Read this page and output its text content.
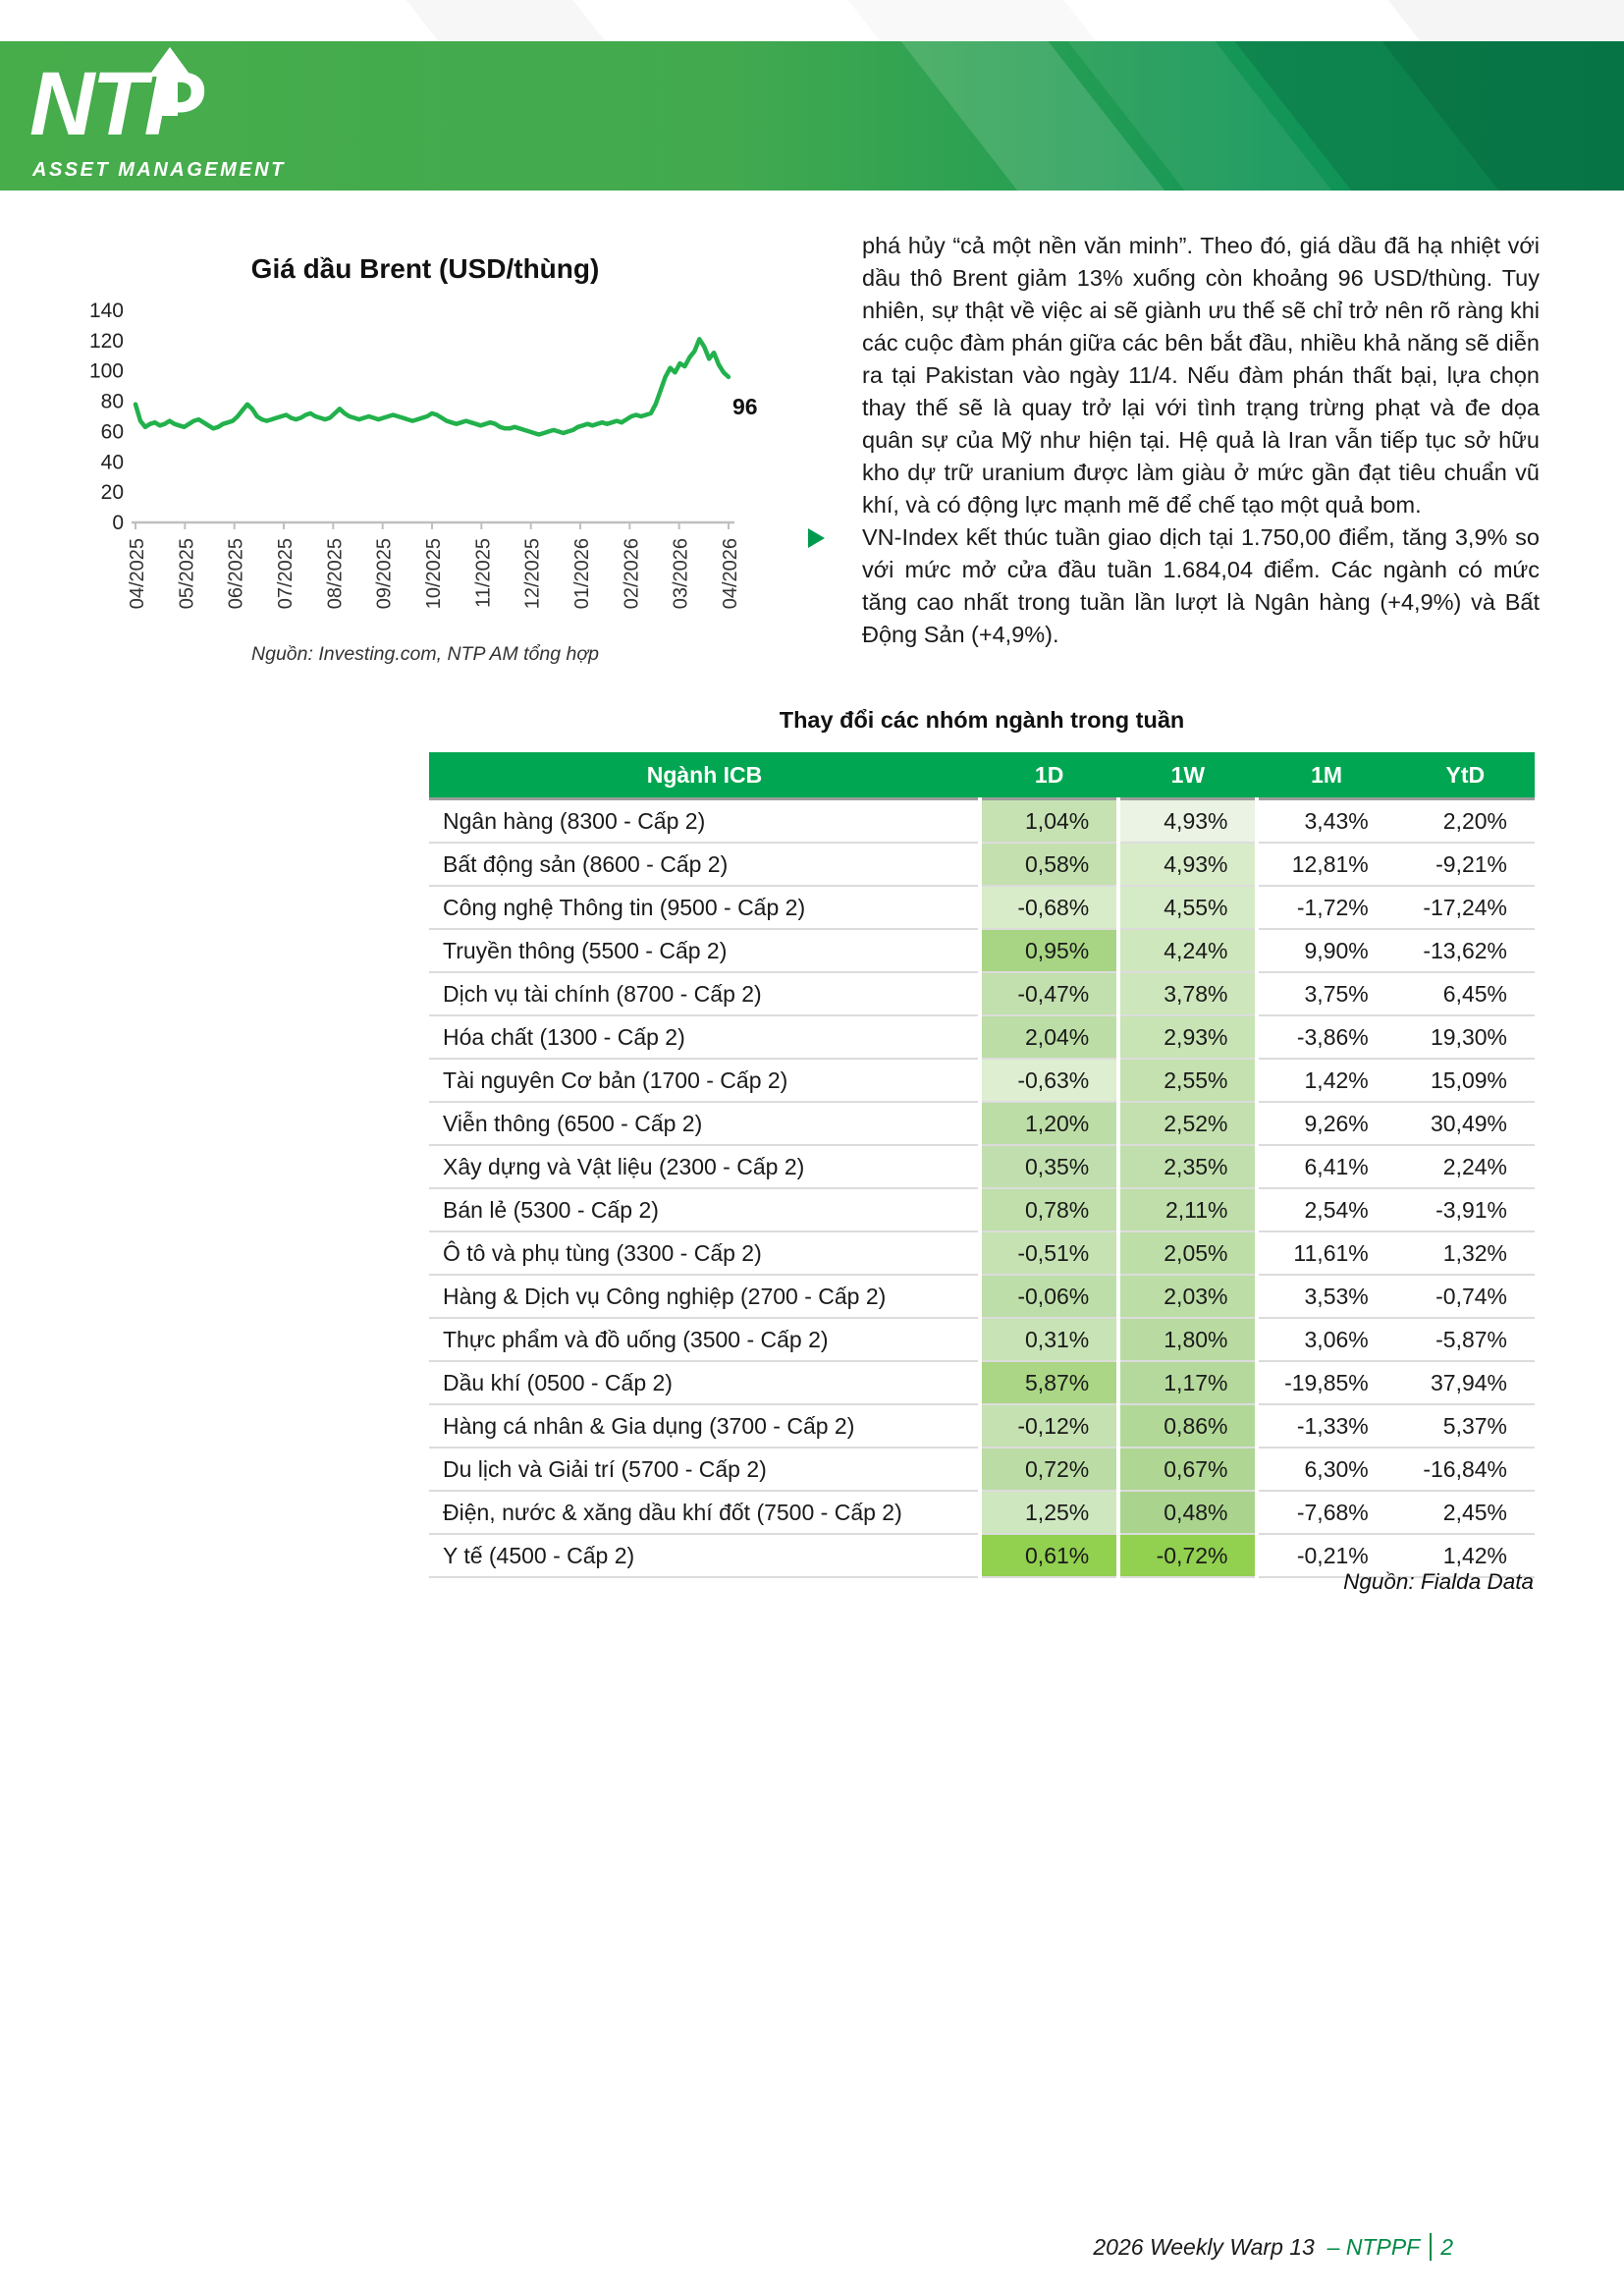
NTP
ASSET MANAGEMENT
Giá dầu Brent (USD/thùng)
0
20
40
60
80
100
120
140
04/2025 05/2025 06/2025 07/2025 08/2025 09/2025 10/2025 11/2025 12/2025 01/2026 02/2026 03/2026 04/2026
96
Nguồn: Investing.com, NTP AM tổng hợp

phá hủy “cả một nền văn minh”. Theo đó, giá dầu đã hạ nhiệt với dầu thô Brent giảm 13% xuống còn khoảng 96 USD/thùng. Tuy nhiên, sự thật về việc ai sẽ giành ưu thế sẽ chỉ trở nên rõ ràng khi các cuộc đàm phán giữa các bên bắt đầu, nhiều khả năng sẽ diễn ra tại Pakistan vào ngày 11/4. Nếu đàm phán thất bại, lựa chọn thay thế sẽ là quay trở lại với tình trạng trừng phạt và đe dọa quân sự của Mỹ như hiện tại. Hệ quả là Iran vẫn tiếp tục sở hữu kho dự trữ uranium được làm giàu ở mức gần đạt tiêu chuẩn vũ khí, và có động lực mạnh mẽ để chế tạo một quả bom.

VN-Index kết thúc tuần giao dịch tại 1.750,00 điểm, tăng 3,9% so với mức mở cửa đầu tuần 1.684,04 điểm. Các ngành có mức tăng cao nhất trong tuần lần lượt là Ngân hàng (+4,9%) và Bất Động Sản (+4,9%).

Thay đổi các nhóm ngành trong tuần
Ngành ICB	1D	1W	1M	YtD
Ngân hàng (8300 - Cấp 2)	1,04%	4,93%	3,43%	2,20%
Bất động sản (8600 - Cấp 2)	0,58%	4,93%	12,81%	-9,21%
Công nghệ Thông tin (9500 - Cấp 2)	-0,68%	4,55%	-1,72%	-17,24%
Truyền thông (5500 - Cấp 2)	0,95%	4,24%	9,90%	-13,62%
Dịch vụ tài chính (8700 - Cấp 2)	-0,47%	3,78%	3,75%	6,45%
Hóa chất (1300 - Cấp 2)	2,04%	2,93%	-3,86%	19,30%
Tài nguyên Cơ bản (1700 - Cấp 2)	-0,63%	2,55%	1,42%	15,09%
Viễn thông (6500 - Cấp 2)	1,20%	2,52%	9,26%	30,49%
Xây dựng và Vật liệu (2300 - Cấp 2)	0,35%	2,35%	6,41%	2,24%
Bán lẻ (5300 - Cấp 2)	0,78%	2,11%	2,54%	-3,91%
Ô tô và phụ tùng (3300 - Cấp 2)	-0,51%	2,05%	11,61%	1,32%
Hàng & Dịch vụ Công nghiệp (2700 - Cấp 2)	-0,06%	2,03%	3,53%	-0,74%
Thực phẩm và đồ uống (3500 - Cấp 2)	0,31%	1,80%	3,06%	-5,87%
Dầu khí (0500 - Cấp 2)	5,87%	1,17%	-19,85%	37,94%
Hàng cá nhân & Gia dụng (3700 - Cấp 2)	-0,12%	0,86%	-1,33%	5,37%
Du lịch và Giải trí (5700 - Cấp 2)	0,72%	0,67%	6,30%	-16,84%
Điện, nước & xăng dầu khí đốt (7500 - Cấp 2)	1,25%	0,48%	-7,68%	2,45%
Y tế (4500 - Cấp 2)	0,61%	-0,72%	-0,21%	1,42%
Nguồn: Fialda Data
2026 Weekly Warp 13 – NTPPF 2
